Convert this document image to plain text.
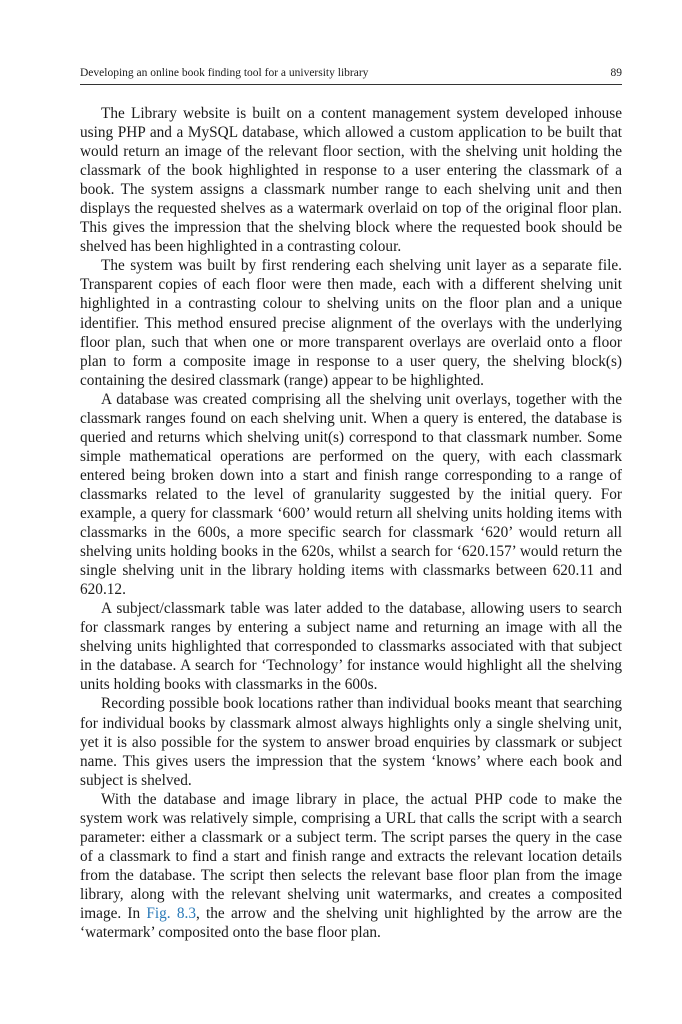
Developing an online book finding tool for a university library	89

The Library website is built on a content management system developed inhouse using PHP and a MySQL database, which allowed a custom application to be built that would return an image of the relevant floor section, with the shelving unit holding the classmark of the book highlighted in response to a user entering the classmark of a book. The system assigns a classmark number range to each shelving unit and then displays the requested shelves as a watermark overlaid on top of the original floor plan. This gives the impression that the shelving block where the requested book should be shelved has been highlighted in a contrasting colour.

The system was built by first rendering each shelving unit layer as a separate file. Transparent copies of each floor were then made, each with a different shelving unit highlighted in a contrasting colour to shelving units on the floor plan and a unique identifier. This method ensured precise alignment of the overlays with the underlying floor plan, such that when one or more transparent overlays are overlaid onto a floor plan to form a composite image in response to a user query, the shelving block(s) containing the desired classmark (range) appear to be highlighted.

A database was created comprising all the shelving unit overlays, together with the classmark ranges found on each shelving unit. When a query is entered, the database is queried and returns which shelving unit(s) correspond to that classmark number. Some simple mathematical operations are performed on the query, with each classmark entered being broken down into a start and finish range corresponding to a range of classmarks related to the level of granularity suggested by the initial query. For example, a query for classmark ‘600’ would return all shelving units holding items with classmarks in the 600s, a more specific search for classmark ‘620’ would return all shelving units holding books in the 620s, whilst a search for ‘620.157’ would return the single shelving unit in the library holding items with classmarks between 620.11 and 620.12.

A subject/classmark table was later added to the database, allowing users to search for classmark ranges by entering a subject name and returning an image with all the shelving units highlighted that corresponded to classmarks associated with that subject in the database. A search for ‘Technology’ for instance would highlight all the shelving units holding books with classmarks in the 600s.

Recording possible book locations rather than individual books meant that searching for individual books by classmark almost always highlights only a single shelving unit, yet it is also possible for the system to answer broad enquiries by classmark or subject name. This gives users the impression that the system ‘knows’ where each book and subject is shelved.

With the database and image library in place, the actual PHP code to make the system work was relatively simple, comprising a URL that calls the script with a search parameter: either a classmark or a subject term. The script parses the query in the case of a classmark to find a start and finish range and extracts the relevant location details from the database. The script then selects the relevant base floor plan from the image library, along with the relevant shelving unit watermarks, and creates a composited image. In Fig. 8.3, the arrow and the shelving unit highlighted by the arrow are the ‘watermark’ composited onto the base floor plan.
